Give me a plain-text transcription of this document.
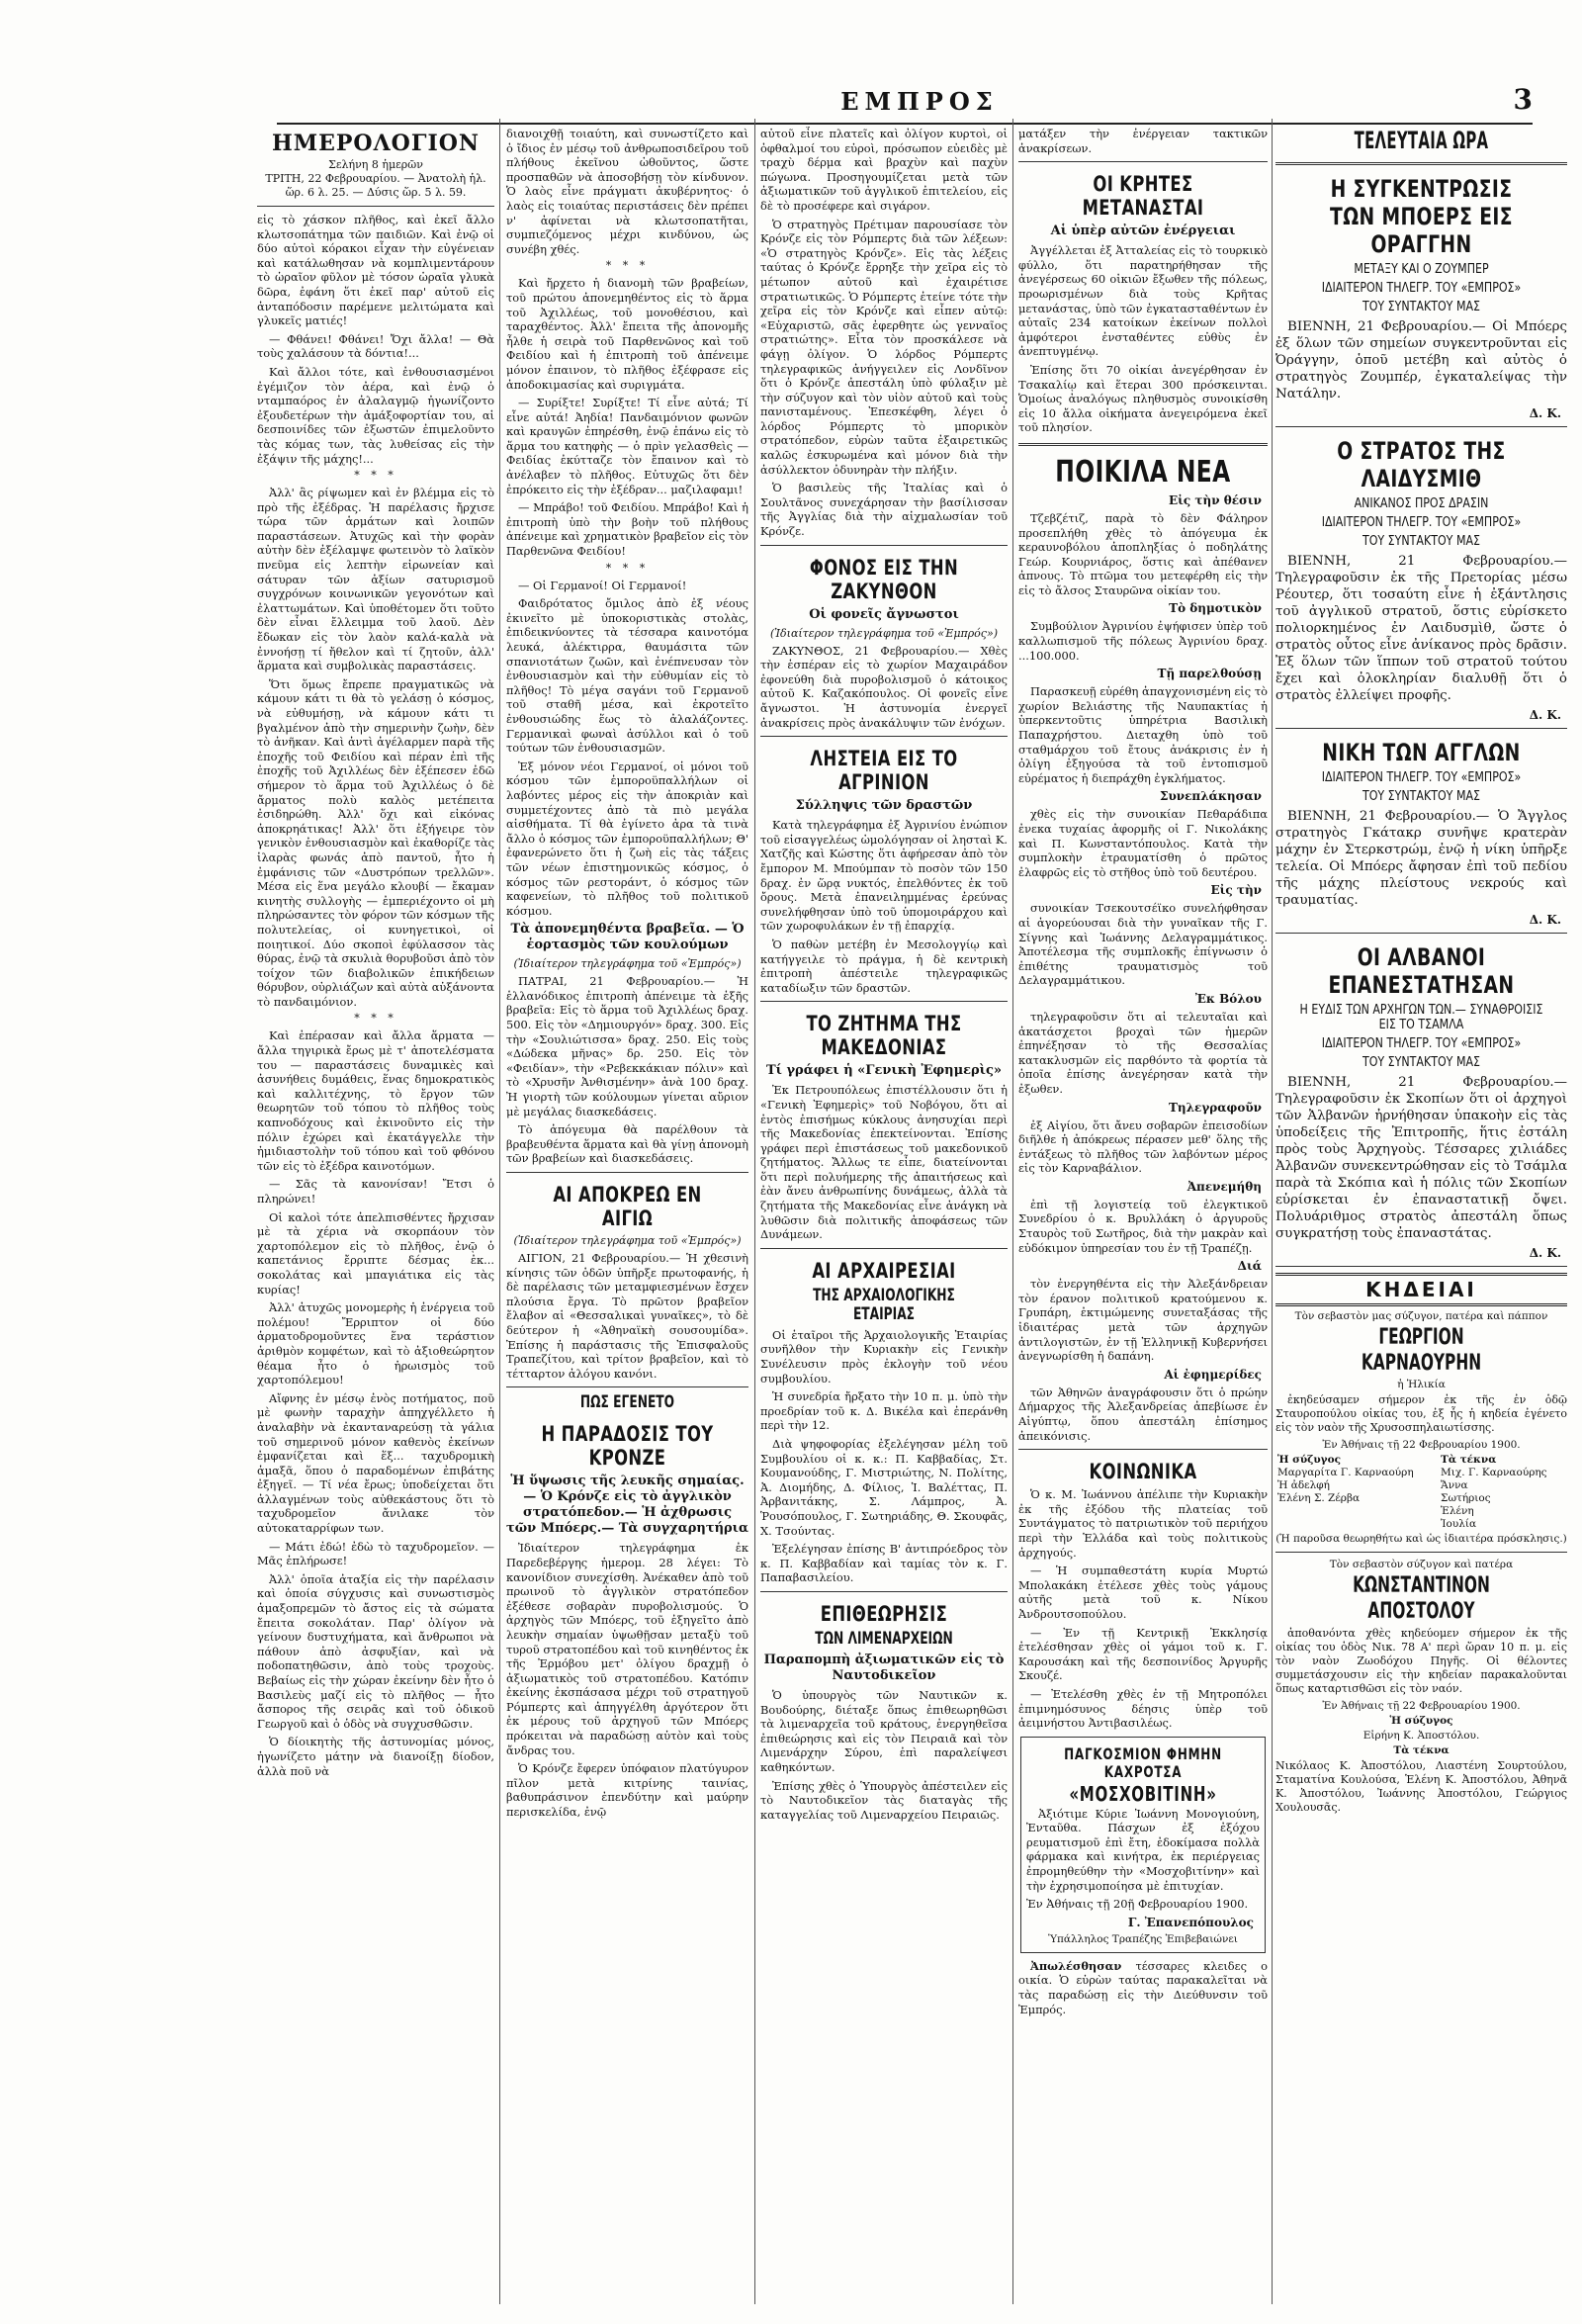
ΕΜΠΡΟΣ	3
ΗΜΕΡΟΛΟΓΙΟΝ
Σελήνη 8 ἡμερῶν
ΤΡΙΤΗ, 22 Φεβρουαρίου. — Ἀνατολὴ ἡλ. ὥρ. 6 λ. 25. — Δύσις ὥρ. 5 λ. 59.

εἰς τὸ χάσκον πλῆθος, καὶ ἐκεῖ ἄλλο κλωτσοπάτημα τῶν παιδιῶν. Καὶ ἐνῷ οἱ δύο αὐτοὶ κόρακοι εἶχαν τὴν εὐγένειαν καὶ κατάλωθησαν νὰ κομπλιμεντάρουν τὸ ὡραῖον φῦλον μὲ τόσον ὡραῖα γλυκὰ δῶρα, ἐφάνη ὅτι ἐκεῖ παρ' αὐτοῦ εἰς ἀνταπόδοσιν παρέμενε μελιτώματα καὶ γλυκεῖς ματιές!

— Φθάνει! Φθάνει! Ὄχι ἄλλα! — Θὰ τοὺς χαλάσουν τὰ δόντια!...

Καὶ ἄλλοι τότε, καὶ ἐνθουσιασμένοι ἐγέμιζον τὸν ἀέρα, καὶ ἐνῷ ὁ νταμπαόρος ἐν ἀλαλαγμῷ ἠγωνίζοντο ἐξουδετέρων τὴν ἀμάξοφορτίαν του, αἱ δεσποινίδες τῶν ἐξωστῶν ἐπιμελοῦντο τὰς κόμας των, τὰς λυθείσας εἰς τὴν ἐξάψιν τῆς μάχης!...

* * *

Ἀλλ' ἂς ρίψωμεν καὶ ἐν βλέμμα εἰς τὸ πρὸ τῆς ἐξέδρας. Ἡ παρέλασις ἤρχισε τώρα τῶν ἁρμάτων καὶ λοιπῶν παραστάσεων. Ἀτυχῶς καὶ τὴν φορὰν αὐτὴν δὲν ἐξέλαμψε φωτεινὸν τὸ λαϊκὸν πνεῦμα εἰς λεπτὴν εἰρωνείαν καὶ σάτυραν τῶν ἀξίων σατυρισμοῦ συγχρόνων κοινωνικῶν γεγονότων καὶ ἐλαττωμάτων. Καὶ ὑποθέτομεν ὅτι τοῦτο δὲν εἶναι ἔλλειμμα τοῦ λαοῦ. Δὲν ἔδωκαν εἰς τὸν λαὸν καλά-καλὰ νὰ ἐννοήσῃ τί ἤθελον καὶ τί ζητοῦν, ἀλλ' ἅρματα καὶ συμβολικὰς παραστάσεις.

Ὅτι ὅμως ἔπρεπε πραγματικῶς νὰ κάμουν κάτι τι θὰ τὸ γελάσῃ ὁ κόσμος, νὰ εὐθυμήσῃ, νὰ κάμουν κάτι τι βγαλμένον ἀπὸ τὴν σημερινὴν ζωὴν, δὲν τὸ ἀνῆκαν. Καὶ ἀντὶ ἀγέλαρμεν παρὰ τῆς ἐποχῆς τοῦ Φειδίου καὶ πέραν ἐπὶ τῆς ἐποχῆς τοῦ Ἀχιλλέως δὲν ἐξέπεσεν ἐδῶ σήμερον τὸ ἅρμα τοῦ Ἀχιλλέως ὁ δὲ ἄρματος πολὺ καλὸς μετέπειτα ἐσιδηρώθη. Ἀλλ' ὅχι καὶ εἰκόνας ἀποκρηάτικας! Ἀλλ' ὅτι ἐξήγειρε τὸν γενικὸν ἐνθουσιασμὸν καὶ ἐκαθορίζε τὰς ἱλαρὰς φωνάς ἀπὸ παντοῦ, ἦτο ἡ ἐμφάνισις τῶν «Δυστρόπων τρελλῶν». Μέσα εἰς ἕνα μεγάλο κλουβί — ἔκαμαν κινητὴς συλλογὴς — ἐμπεριέχοντο οἱ μὴ πληρώσαντες τὸν φόρον τῶν κόσμων τῆς πολυτελείας, οἱ κυνηγετικοὶ, οἱ ποιητικοί. Δύο σκοποὶ ἐφύλασσον τὰς θύρας, ἐνῷ τὰ σκυλιὰ θορυβοῦσι ἀπὸ τὸν τοίχον τῶν διαβολικῶν ἐπικήδειων θόρυβον, οὐρλιάζων καὶ αὐτὰ αὐξάνοντα τὸ πανδαιμόνιον.

* * *

Καὶ ἐπέρασαν καὶ ἄλλα ἅρματα — ἄλλα τηγιρικὰ ἔρως μὲ τ' ἀποτελέσματα του — παραστάσεις δυναμικὲς καὶ ἀσυνήθεις δυμάθεις, ἕνας δημοκρατικὸς καὶ καλλιτέχνης, τὸ ἔργον τῶν θεωρητῶν τοῦ τόπου τὸ πλῆθος τοὺς καπνοδόχους καὶ ἐκινοῦντο εἰς τὴν πόλιν ἐχώρει καὶ ἐκατάγγελλε τὴν ἠμιδιαστολὴν τοῦ τόπου καὶ τοῦ φθόνου τῶν εἰς τὸ ἐξέδρα καινοτόμων.

— Σᾶς τὰ κανονίσαν! Ἔτσι ὁ πληρώνει!

Οἱ καλοὶ τότε ἀπελπισθέντες ἤρχισαν μὲ τὰ χέρια νὰ σκορπάουν τὸν χαρτοπόλεμον εἰς τὸ πλῆθος, ἐνῷ ὁ καπετάνιος ἔρριπτε δέσμας ἐκ... σοκολάτας καὶ μπαγιάτικα εἰς τὰς κυρίας!

Ἀλλ' ἀτυχῶς μονομερὴς ἡ ἐνέργεια τοῦ πολέμου! Ἔρριπτον οἱ δύο ἁρματοδρομοῦντες ἕνα τεράστιον ἀριθμὸν κομφέτων, καὶ τὸ ἀξιοθεώρητον θέαμα ἦτο ὁ ἡρωισμὸς τοῦ χαρτοπόλεμου!

Αἴφνης ἐν μέσῳ ἐνὸς ποτήματος, ποῦ μὲ φωνὴν ταραχὴν ἀπηχγέλλετο ἡ ἀναλαβὴν νὰ ἐκανταναρεύσῃ τὰ γάλια τοῦ σημερινοῦ μόνον καθενὸς ἐκείνων ἐμφανίζεται καὶ ἕξ... ταχυδρομικὴ ἁμαξᾶ, ὅπου ὁ παραδομένων ἐπιβάτης ἐξηγεῖ. — Τί νέα ἔρως; ὑποδείχεται ὅτι ἀλλαγμένων τοὺς αὐθεκάστους ὅτι τὸ ταχυδρομεῖον ἄνιλακε τὸν αὐτοκαταρρίφων των.

— Μάτι ἐδώ! ἐδὼ τὸ ταχυδρομεῖον. — Μᾶς ἐπλήρωσε!

Ἀλλ' ὁποῖα ἀταξία εἰς τὴν παρέλασιν καὶ ὁποία σύγχυσις καὶ συνωστισμὸς ἁμαξοπρεμῶν τὸ ἄστος εἰς τὰ σώματα ἔπειτα σοκολάταν. Παρ' ὀλίγον νὰ γείνουν δυστυχήματα, καὶ ἄνθρωποι νὰ πάθουν ἀπὸ ἀσφυξίαν, καὶ νὰ ποδοπατηθῶσιν, ἀπὸ τοὺς τροχοὺς. Βεβαίως εἰς τὴν χώραν ἐκείνην δὲν ἦτο ὁ Βασιλεὺς μαζί εἰς τὸ πλῆθος — ἦτο ἄσπορος τῆς σειρᾶς καὶ τοῦ ὁδικοῦ Γεωργοῦ καὶ ὁ ὁδὸς νὰ συγχυσθῶσιν.

Ὁ δίοικητὴς τῆς ἀστυνομίας μόνος, ἠγωνίζετο μάτην νὰ διανοίξῃ δίοδον, ἀλλὰ ποῦ νὰ

διανοιχθῇ τοιαύτη, καὶ συνωστίζετο καὶ ὁ ἴδιος ἐν μέσῳ τοῦ ἀνθρωποσιδεῖρου τοῦ πλήθους ἐκεῖνου ὡθοῦντος, ὥστε προσπαθῶν νὰ ἀποσοβήσῃ τὸν κίνδυνον. Ὁ λαὸς εἶνε πράγματι ἀκυβέρνητος· ὁ λαὸς εἰς τοιαύτας περιστάσεις δὲν πρέπει ν' ἀφίνεται νὰ κλωτσοπατῆται, συμπιεζόμενος μέχρι κινδύνου, ὡς συνέβη χθές.

* * *

Καὶ ἤρχετο ἡ διανομὴ τῶν βραβείων, τοῦ πρώτου ἀπονεμηθέντος εἰς τὸ ἅρμα τοῦ Ἀχιλλέως, τοῦ μονοθέσιου, καὶ ταραχθέντος. Ἀλλ' ἔπειτα τῆς ἀπονομῆς ἦλθε ἡ σειρὰ τοῦ Παρθενῶνος καὶ τοῦ Φειδίου καὶ ἡ ἐπιτροπὴ τοῦ ἀπένειμε μόνον ἐπαινον, τὸ πλῆθος ἐξέφρασε εἰς ἀποδοκιμασίας καὶ συριγμάτα.

— Συρίξτε! Συρίξτε! Τί εἶνε αὐτά; Τί εἶνε αὐτά! Ἀηδία! Πανδαιμόνιον φωνῶν καὶ κραυγῶν ἐπηρέσθη, ἐνῷ ἐπάνω εἰς τὸ ἅρμα του κατηφὴς — ὁ πρὶν γελασθεὶς — Φειδίας ἐκύτταζε τὸν ἔπαινον καὶ τὸ ἀνέλαβεν τὸ πλῆθος. Εὐτυχῶς ὅτι δὲν ἐπρόκειτο εἰς τὴν ἐξέδραν... μαζιλαφαμι!

— Μπράβο! τοῦ Φειδίου. Μπράβο! Καὶ ἡ ἐπιτροπὴ ὑπὸ τὴν βοὴν τοῦ πλήθους ἀπένειμε καὶ χρηματικὸν βραβεῖον εἰς τὸν Παρθενῶνα Φειδίου!

* * *

— Οἱ Γερμανοί! Οἱ Γερμανοί!

Φαιδρότατος ὄμιλος ἀπὸ ἐξ νέους ἐκινεῖτο μὲ ὑποκοριστικὰς στολὰς, ἐπιδεικνύοντες τὰ τέσσαρα καινοτόμα λευκά, ἀλέκτιρρα, θαυμάσιτα τῶν σπανιοτάτων ζωῶν, καὶ ἐνέπνευσαν τὸν ἐνθουσιασμὸν καὶ τὴν εὐθυμίαν εἰς τὸ πλῆθος! Τὸ μέγα σαγάνι τοῦ Γερμανοῦ τοῦ σταθῆ μέσα, καὶ ἐκροτεῖτο ἐνθουσιώδης ἕως τὸ ἀλαλάζοντες. Γερμανικαὶ φωναὶ ἀσύλλοι καὶ ὁ τοῦ τούτων τῶν ἐνθουσιασμῶν.

Ἐξ μόνον νέοι Γερμανοί, οἱ μόνοι τοῦ κόσμου τῶν ἐμποροϋπαλλήλων οἱ λαβόντες μέρος εἰς τὴν ἀποκριὰν καὶ συμμετέχοντες ἀπὸ τὰ πιὸ μεγάλα αἰσθήματα. Τί θὰ ἐγίνετο ἀρα τὰ τινὰ ἄλλο ὁ κόσμος τῶν ἐμποροϋπαλλήλων; Θ' ἐφανερώνετο ὅτι ἡ ζωὴ εἰς τὰς τάξεις τῶν νέων ἐπιστημονικῶς κόσμος, ὁ κόσμος τῶν ρεστοράντ, ὁ κόσμος τῶν καφενείων, τὸ πλῆθος τοῦ πολιτικοῦ κόσμου.

Τὰ ἀπονεμηθέντα βραβεῖα. — Ὁ ἑορτασμὸς τῶν κουλούμων
(Ἰδιαίτερον τηλεγράφημα τοῦ «Ἐμπρός»)

ΠΑΤΡΑΙ, 21 Φεβρουαρίου.— Ἡ ἑλλανόδικος ἐπιτροπὴ ἀπένειμε τὰ ἑξῆς βραβεῖα: Εἰς τὸ ἅρμα τοῦ Ἀχιλλέως δραχ. 500. Εἰς τὸν «Δημιουργόν» δραχ. 300. Εἰς τὴν «Σουλιώτισσα» δραχ. 250. Εἰς τοὺς «Δώδεκα μῆνας» δρ. 250. Εἰς τὸν «Φειδίαν», τὴν «Ρεβεκκάκιαν πόλιν» καὶ τὸ «Χρυσῆν Ἀνθισμένην» ἀνὰ 100 δραχ. Ἠ γιορτὴ τῶν κούλουμων γίνεται αὔριον μὲ μεγάλας διασκεδάσεις.

Τὸ ἀπόγευμα θὰ παρέλθουν τὰ βραβευθέντα ἅρματα καὶ θὰ γίνῃ ἀπονομὴ τῶν βραβείων καὶ διασκεδάσεις.

ΑΙ ΑΠΟΚΡΕΩ ΕΝ ΑΙΓΙΩ
(Ἰδιαίτερον τηλεγράφημα τοῦ «Ἐμπρός»)

ΑΙΓΙΟΝ, 21 Φεβρουαρίου.— Ἡ χθεσινὴ κίνησις τῶν ὁδῶν ὑπῆρξε πρωτοφανής, ἡ δὲ παρέλασις τῶν μεταμφιεσμένων ἔσχεν πλούσια ἔργα. Τὸ πρῶτον βραβεῖον ἔλαβον αἱ «Θεσσαλικαὶ γυναῖκες», τὸ δὲ δεύτερον ἡ «Ἀθηναϊκὴ σουσουμίδα». Ἐπίσης ἡ παράστασις τῆς Ἐπισφαλοῦς Τραπεζίτου, καὶ τρίτον βραβεῖον, καὶ τὸ τέτταρτον ἀλόγου κανόνι.

ΠΩΣ ΕΓΕΝΕΤΟ
Η ΠΑΡΑΔΟΣΙΣ ΤΟΥ ΚΡΟΝΖΕ
Ἡ ὕψωσις τῆς λευκῆς σημαίας.— Ὁ Κρόνζε εἰς τὸ ἀγγλικὸν στρατόπεδον.— Ἡ ἀχθρωσις τῶν Μπόερς.— Τὰ συγχαρητήρια

Ἰδιαίτερον τηλεγράφημα ἐκ Παρεδεβέργης ἡμερομ. 28 λέγει: Τὸ κανονίδιον συνεχίσθη. Ἀνέκαθεν ἀπὸ τοῦ πρωινοῦ τὸ ἀγγλικὸν στρατόπεδον ἐξέθεσε σοβαρὰν πυροβολισμούς. Ὁ ἀρχηγὸς τῶν Μπόερς, τοῦ ἐξηγεῖτο ἀπὸ λευκὴν σημαίαν ὑψωθῇσαν μεταξὺ τοῦ τυροῦ στρατοπέδου καὶ τοῦ κινηθέντος ἐκ τῆς Ἐρμόβου μετ' ὀλίγου δραχμῇ ὁ ἀξιωματικὸς τοῦ στρατοπέδου. Κατόπιν ἐκείνης ἐκσπάσασα μέχρι τοῦ στρατηγοῦ Ρόμπερτς καὶ ἀπηγγέλθη ἀργότερον ὅτι ἐκ μέρους τοῦ ἀρχηγοῦ τῶν Μπόερς πρόκειται νὰ παραδώσῃ αὐτὸν καὶ τοὺς ἄνδρας του.

Ὁ Κρόνζε ἔφερεν ὑπόφαιον πλατύγυρον πῖλον μετὰ κιτρίνης ταινίας, βαθυπράσινον ἐπενδύτην καὶ μαύρην περισκελίδα, ἐνῷ

αὐτοῦ εἶνε πλατεῖς καὶ ὀλίγον κυρτοὶ, οἱ ὀφθαλμοί του εὐροὶ, πρόσωπον εὐειδὲς μὲ τραχὺ δέρμα καὶ βραχὺν καὶ παχὺν πώγωνα. Προσηγουμίζεται μετὰ τῶν ἀξιωματικῶν τοῦ ἀγγλικοῦ ἐπιτελείου, εἰς δὲ τὸ προσέφερε καὶ σιγάρον.

Ὁ στρατηγὸς Πρέτιμαν παρουσίασε τὸν Κρόνζε εἰς τὸν Ρόμπερτς διὰ τῶν λέξεων: «Ὁ στρατηγὸς Κρόνζε». Εἰς τὰς λέξεις ταύτας ὁ Κρόνζε ἔρρηξε τὴν χεῖρα εἰς τὸ μέτωπον αὐτοῦ καὶ ἐχαιρέτισε στρατιωτικῶς. Ὁ Ρόμπερτς ἐτείνε τότε τὴν χεῖρα εἰς τὸν Κρόνζε καὶ εἶπεν αὐτῷ: «Εὐχαριστῶ, σᾶς ἐφερθητε ὡς γενναῖος στρατιώτης». Εἶτα τὸν προσκάλεσε νὰ φάγῃ ὀλίγον. Ὁ λόρδος Ρόμπερτς τηλεγραφικῶς ἀνήγγειλεν εἰς Λονδῖνον ὅτι ὁ Κρόνζε ἀπεστάλη ὑπὸ φύλαξιν μὲ τὴν σύζυγον καὶ τὸν υἱὸν αὐτοῦ καὶ τοὺς πανισταμένους. Ἐπεσκέφθη, λέγει ὁ λόρδος Ρόμπερτς τὸ μπορικὸν στρατόπεδον, εὑρὼν ταῦτα ἐξαιρετικῶς καλῶς ἐσκυρωμένα καὶ μόνον διὰ τὴν ἀσύλλεκτον ὀδυνηρὰν τὴν πλήξιν.

Ὁ βασιλεὺς τῆς Ἰταλίας καὶ ὁ Σουλτᾶνος συνεχάρησαν τὴν βασίλισσαν τῆς Ἀγγλίας διὰ τὴν αἰχμαλωσίαν τοῦ Κρόνζε.

ΦΟΝΟΣ ΕΙΣ ΤΗΝ ΖΑΚΥΝΘΟΝ
Οἱ φονεῖς ἄγνωστοι
(Ἰδιαίτερον τηλεγράφημα τοῦ «Ἐμπρός»)

ΖΑΚΥΝΘΟΣ, 21 Φεβρουαρίου.— Χθὲς τὴν ἑσπέραν εἰς τὸ χωρίον Μαχαιράδον ἐφονεύθη διὰ πυροβολισμοῦ ὁ κάτοικος αὐτοῦ Κ. Καζακόπουλος. Οἱ φονεῖς εἶνε ἄγνωστοι. Ἡ ἀστυνομία ἐνεργεῖ ἀνακρίσεις πρὸς ἀνακάλυψιν τῶν ἐνόχων.

ΛΗΣΤΕΙΑ ΕΙΣ ΤΟ ΑΓΡΙΝΙΟΝ
Σύλληψις τῶν δραστῶν

Κατὰ τηλεγράφημα ἐξ Ἀγρινίου ἐνώπιον τοῦ εἰσαγγελέως ὡμολόγησαν οἱ λησταὶ Κ. Χατζῆς καὶ Κώστης ὅτι ἀφήρεσαν ἀπὸ τὸν ἔμπορον Μ. Μπούμπαν τὸ ποσὸν τῶν 150 δραχ. ἐν ὥρᾳ νυκτός, ἐπελθόντες ἐκ τοῦ ὄρους. Μετὰ ἐπανειλημμένας ἐρεύνας συνελήφθησαν ὑπὸ τοῦ ὑπομοιράρχου καὶ τῶν χωροφυλάκων ἐν τῇ ἐπαρχίᾳ.

Ὁ παθὼν μετέβη ἐν Μεσολογγίῳ καὶ κατήγγειλε τὸ πράγμα, ἡ δὲ κεντρικὴ ἐπιτροπὴ ἀπέστειλε τηλεγραφικῶς καταδίωξιν τῶν δραστῶν.

ΤΟ ΖΗΤΗΜΑ ΤΗΣ ΜΑΚΕΔΟΝΙΑΣ
Τί γράφει ἡ «Γενικὴ Ἐφημερὶς»

Ἐκ Πετρουπόλεως ἐπιστέλλουσιν ὅτι ἡ «Γενικὴ Ἐφημερὶς» τοῦ Νοβόγου, ὅτι αἱ ἐντὸς ἐπισήμως κύκλους ἀνησυχίαι περὶ τῆς Μακεδονίας ἐπεκτείνονται. Ἐπίσης γράφει περὶ ἐπιστάσεως τοῦ μακεδονικοῦ ζητήματος. Ἄλλως τε εἶπε, διατείνονται ὅτι περὶ πολυήμερης τῆς ἀπαιτήσεως καὶ ἐὰν ἄνευ ἀνθρωπίνης δυνάμεως, ἀλλὰ τὰ ζητήματα τῆς Μακεδονίας εἶνε ἀνάγκη νὰ λυθῶσιν διὰ πολιτικῆς ἀποφάσεως τῶν Δυνάμεων.

ΑΙ ΑΡΧΑΙΡΕΣΙΑΙ
ΤΗΣ ΑΡΧΑΙΟΛΟΓΙΚΗΣ ΕΤΑΙΡΙΑΣ

Οἱ ἑταῖροι τῆς Ἀρχαιολογικῆς Ἑταιρίας συνῆλθον τὴν Κυριακὴν εἰς Γενικὴν Συνέλευσιν πρὸς ἐκλογὴν τοῦ νέου συμβουλίου.

Ἡ συνεδρία ἤρξατο τὴν 10 π. μ. ὑπὸ τὴν προεδρίαν τοῦ κ. Δ. Βικέλα καὶ ἐπεράνθη περὶ τὴν 12.

Διὰ ψηφοφορίας ἐξελέγησαν μέλη τοῦ Συμβουλίου οἱ κ. κ.: Π. Καββαδίας, Στ. Κουμανούδης, Γ. Μιστριώτης, Ν. Πολίτης, Ἀ. Διομήδης, Δ. Φίλιος, Ἰ. Βαλέττας, Π. Ἀρβανιτάκης, Σ. Λάμπρος, Ἀ. Ῥουσόπουλος, Γ. Σωτηριάδης, Θ. Σκουφᾶς, Χ. Τσούντας.

Ἐξελέγησαν ἐπίσης Β' ἀντιπρόεδρος τὸν κ. Π. Καββαδίαν καὶ ταμίας τὸν κ. Γ. Παπαβασιλείου.

ΕΠΙΘΕΩΡΗΣΙΣ
ΤΩΝ ΛΙΜΕΝΑΡΧΕΙΩΝ
Παραπομπὴ ἀξιωματικῶν εἰς τὸ Ναυτοδικεῖον

Ὁ ὑπουργὸς τῶν Ναυτικῶν κ. Βουδούρης, διέταξε ὅπως ἐπιθεωρηθῶσι τὰ λιμεναρχεῖα τοῦ κράτους, ἐνεργηθεῖσα ἐπιθεώρησις καὶ εἰς τὸν Πειραιᾶ καὶ τὸν Λιμενάρχην Σύρου, ἐπὶ παραλείψεσι καθηκόντων.

Ἐπίσης χθὲς ὁ Ὑπουργὸς ἀπέστειλεν εἰς τὸ Ναυτοδικεῖον τὰς διαταγὰς τῆς καταγγελίας τοῦ Λιμεναρχείου Πειραιῶς.

ματάξεν τὴν ἐνέργειαν τακτικῶν ἀνακρίσεων.

ΟΙ ΚΡΗΤΕΣ ΜΕΤΑΝΑΣΤΑΙ
Αἱ ὑπὲρ αὐτῶν ἐνέργειαι

Ἀγγέλλεται ἐξ Ἀτταλείας εἰς τὸ τουρκικὸ φύλλο, ὅτι παρατηρήθησαν τῆς ἀνεγέρσεως 60 οἰκιῶν ἔξωθεν τῆς πόλεως, προωρισμένων διὰ τοὺς Κρῆτας μετανάστας, ὑπὸ τῶν ἐγκατασταθέντων ἐν αὐταῖς 234 κατοίκων ἐκείνων πολλοὶ ἀμφότεροι ἐνσταθέντες εὐθὺς ἐν ἀνεπτυγμένῳ.

Ἐπίσης ὅτι 70 οἰκίαι ἀνεγέρθησαν ἐν Τσακαλίῳ καὶ ἕτεραι 300 πρόσκεινται. Ὁμοίως ἀναλόγως πληθυσμὸς συνοικίσθη εἰς 10 ἄλλα οἰκήματα ἀνεγειρόμενα ἐκεῖ τοῦ πλησίον.

ΠΟΙΚΙΛΑ ΝΕΑ
Εἰς τὴν θέσιν

Τζεβζέτιζ, παρὰ τὸ δὲν Φάληρον προσεπλήθη χθὲς τὸ ἀπόγευμα ἐκ κεραυνοβόλου ἀποπληξίας ὁ ποδηλάτης Γεώρ. Κουρνιάρος, ὅστις καὶ ἀπέθανεν ἀπνους. Τὸ πτῶμα του μετεφέρθη εἰς τὴν εἰς τὸ ἄλσος Σταυρῶνα οἰκίαν του.

Τὸ δημοτικὸν

Συμβούλιον Ἀγρινίου ἐψήφισεν ὑπὲρ τοῦ καλλωπισμοῦ τῆς πόλεως Ἀγρινίου δραχ. ...100.000.

Τῇ παρελθούσῃ

Παρασκευῇ εὑρέθη ἀπαγχονισμένη εἰς τὸ χωρίον Βελιάστης τῆς Ναυπακτίας ἡ ὑπερκεντοῦτις ὑπηρέτρια Βασιλικὴ Παπαχρήστου. Διεταχθη ὑπὸ τοῦ σταθμάρχου τοῦ ἔτους ἀνάκρισις ἐν ἡ ὀλίγη ἐξηγούσα τὰ τοῦ ἐντοπισμοῦ εὐρέματος ἡ διεπράχθη ἐγκλήματος.

Συνεπλάκησαν

χθὲς εἰς τὴν συνοικίαν Πεθαράδιπα ἐνεκα τυχαίας ἀφορμῆς οἱ Γ. Νικολάκης καὶ Π. Κωνσταντόπουλος. Κατὰ τὴν συμπλοκὴν ἐτραυματίσθη ὁ πρῶτος ἐλαφρῶς εἰς τὸ στῆθος ὑπὸ τοῦ δευτέρου.

Εἰς τὴν

συνοικίαν Τσεκουτσέϊκο συνελήφθησαν αἱ ἀγορεύουσαι διὰ τὴν γυναῖκαν τῆς Γ. Σίγνης καὶ Ἰωάννης Δελαγραμμάτικος. Ἀποτέλεσμα τῆς συμπλοκῆς ἐπίγνωσιν ὁ ἐπιθέτης τραυματισμὸς τοῦ Δελαγραμμάτικου.

Ἐκ Βόλου

τηλεγραφοῦσιν ὅτι αἱ τελευταῖαι καὶ ἀκατάσχετοι βροχαὶ τῶν ἡμερῶν ἐπηνέξησαν τὸ τῆς Θεσσαλίας κατακλυσμῶν εἰς παρθόντο τὰ φορτία τὰ ὁποῖα ἐπίσης ἀνεγέρησαν κατὰ τὴν ἐξωθεν.

Τηλεγραφοῦν

ἐξ Αἰγίου, ὅτι ἄνευ σοβαρῶν ἐπεισοδίων διῆλθε ἡ ἀπόκρεως πέρασεν μεθ' ὅλης τῆς ἐντάξεως τὸ πλῆθος τῶν λαβόντων μέρος εἰς τὸν Καρναβάλιον.

Ἀπενεμήθη

ἐπὶ τῇ λογιστείᾳ τοῦ ἐλεγκτικοῦ Συνεδρίου ὁ κ. Βρυλλάκη ὁ ἀργυροῦς Σταυρὸς τοῦ Σωτῆρος, διὰ τὴν μακρὰν καὶ εὐδόκιμον ὑπηρεσίαν του ἐν τῇ Τραπέζῃ.

Διά

τὸν ἐνεργηθέντα εἰς τὴν Ἀλεξάνδρειαν τὸν έρανον πολιτικοῦ κρατούμενου κ. Γρυπάρη, ἐκτιμώμενης συνεταξάσας τῆς ἰδιαιτέρας μετὰ τῶν ἀρχηγῶν ἀντιλογιστῶν, ἐν τῇ Ἑλληνικῇ Κυβερνήσει ἀνεγνωρίσθη ἡ δαπάνη.

Αἱ ἐφημερίδες

τῶν Ἀθηνῶν ἀναγράφουσιν ὅτι ὁ πρώην Δήμαρχος τῆς Ἀλεξανδρείας ἀπεβίωσε ἐν Αἰγύπτῳ, ὅπου ἀπεστάλη ἐπίσημος ἀπεικόνισις.

ΚΟΙΝΩΝΙΚΑ

Ὁ κ. Μ. Ἰωάννου ἀπέλιπε τὴν Κυριακὴν ἐκ τῆς ἐξόδου τῆς πλατείας τοῦ Συντάγματος τὸ πατριωτικὸν τοῦ περιήχου περὶ τὴν Ἑλλάδα καὶ τοὺς πολιτικοὺς ἀρχηγούς.

— Ἡ συμπαθεστάτη κυρία Μυρτώ Μπολακάκη ἐτέλεσε χθὲς τοὺς γάμους αὐτῆς μετὰ τοῦ κ. Νίκου Ἀνδρουτσοπούλου.

— Ἐν τῇ Κεντρικῇ Ἐκκλησίᾳ ἐτελέσθησαν χθὲς οἱ γάμοι τοῦ κ. Γ. Καρουσάκη καὶ τῆς δεσποινίδος Ἀργυρῆς Σκουζέ.

— Ἐτελέσθη χθὲς ἐν τῇ Μητροπόλει ἐπιμνημόσυνος δέησις ὑπὲρ τοῦ ἀειμνήστου Ἀντιβασιλέως.

ΠΑΓΚΟΣΜΙΟΝ ΦΗΜΗΝ ΚΑΧΡΟΤΣΑ
«ΜΟΣΧΟΒΙΤΙΝΗ»

Ἀξιότιμε Κύριε Ἰωάννη Μονογιούνη, Ἐνταῦθα. Πάσχων ἐξ ἐξόχου ρευματισμοῦ ἐπὶ ἔτη, ἐδοκίμασα πολλὰ φάρμακα καὶ κινήτρα, ἐκ περιέργειας ἐπρομηθεύθην τὴν «Μοσχοβιτίνην» καὶ τὴν ἐχρησιμοποίησα μὲ ἐπιτυχίαν.

Ἐν Ἀθήναις τῇ 20ῇ Φεβρουαρίου 1900.

Γ. Ἐπανεπόπουλος
Ὑπάλληλος Τραπέζης Ἐπιβεβαιώνει

Ἀπωλέσθησαν τέσσαρες κλειδες ο οικία. Ὁ εὑρὼν ταύτας παρακαλεῖται νὰ τὰς παραδώσῃ εἰς τὴν Διεύθυνσιν τοῦ Ἐμπρός.

ΤΕΛΕΥΤΑΙΑ ΩΡΑ
Η ΣΥΓΚΕΝΤΡΩΣΙΣ ΤΩΝ ΜΠΟΕΡΣ ΕΙΣ ΟΡΑΓΓΗΝ
ΜΕΤΑΞΥ ΚΑΙ Ο ΖΟΥΜΠΕΡ
ΙΔΙΑΙΤΕΡΟΝ ΤΗΛΕΓΡ. ΤΟΥ «ΕΜΠΡΟΣ»
ΤΟΥ ΣΥΝΤΑΚΤΟΥ ΜΑΣ
ΒΙΕΝΝΗ, 21 Φεβρουαρίου.— Οἱ Μπόερς ἐξ ὅλων τῶν σημείων συγκεντροῦνται εἰς Ὀράγγην, ὁποῦ μετέβη καὶ αὐτὸς ὁ στρατηγὸς Ζουμπέρ, ἐγκαταλείψας τὴν Νατάλην.
Δ. Κ.
Ο ΣΤΡΑΤΟΣ ΤΗΣ ΛΑΙΔΥΣΜΙΘ
ΑΝΙΚΑΝΟΣ ΠΡΟΣ ΔΡΑΣΙΝ
ΙΔΙΑΙΤΕΡΟΝ ΤΗΛΕΓΡ. ΤΟΥ «ΕΜΠΡΟΣ»
ΤΟΥ ΣΥΝΤΑΚΤΟΥ ΜΑΣ
ΒΙΕΝΝΗ, 21 Φεβρουαρίου.— Τηλεγραφοῦσιν ἐκ τῆς Πρετορίας μέσω Ρέουτερ, ὅτι τοσαύτη εἶνε ἡ ἐξάντλησις τοῦ ἀγγλικοῦ στρατοῦ, ὅστις εὑρίσκετο πολιορκημένος ἐν Λαιδυσμὶθ, ὥστε ὁ στρατὸς οὗτος εἶνε ἀνίκανος πρὸς δρᾶσιν. Ἐξ ὅλων τῶν ἵππων τοῦ στρατοῦ τούτου ἔχει καὶ ὀλοκληρίαν διαλυθῇ ὅτι ὁ στρατὸς ἐλλείψει προφῆς.
Δ. Κ.
ΝΙΚΗ ΤΩΝ ΑΓΓΛΩΝ
ΙΔΙΑΙΤΕΡΟΝ ΤΗΛΕΓΡ. ΤΟΥ «ΕΜΠΡΟΣ»
ΤΟΥ ΣΥΝΤΑΚΤΟΥ ΜΑΣ
ΒΙΕΝΝΗ, 21 Φεβρουαρίου.— Ὁ Ἄγγλος στρατηγὸς Γκάτακρ συνῆψε κρατερὰν μάχην ἐν Στερκστρώμ, ἐνῷ ἡ νίκη ὑπῆρξε τελεία. Οἱ Μπόερς ἄφησαν ἐπὶ τοῦ πεδίου τῆς μάχης πλείστους νεκρούς καὶ τραυματίας.
Δ. Κ.
ΟΙ ΑΛΒΑΝΟΙ ΕΠΑΝΕΣΤΑΤΗΣΑΝ
Η ΕΥΔΙΣ ΤΩΝ ΑΡΧΗΓΩΝ ΤΩΝ.— ΣΥΝΑΘΡΟΙΣΙΣ ΕΙΣ ΤΟ ΤΣΑΜΛΑ
ΙΔΙΑΙΤΕΡΟΝ ΤΗΛΕΓΡ. ΤΟΥ «ΕΜΠΡΟΣ»
ΤΟΥ ΣΥΝΤΑΚΤΟΥ ΜΑΣ
ΒΙΕΝΝΗ, 21 Φεβρουαρίου.— Τηλεγραφοῦσιν ἐκ Σκοπίων ὅτι οἱ ἀρχηγοὶ τῶν Ἀλβανῶν ἠρνήθησαν ὑπακοὴν εἰς τὰς ὑποδείξεις τῆς Ἐπιτροπῆς, ἥτις ἐστάλη πρὸς τοὺς Ἀρχηγοὺς. Τέσσαρες χιλιάδες Ἀλβανῶν συνεκεντρώθησαν εἰς τὸ Τσάμλα παρὰ τὰ Σκόπια καὶ ἡ πόλις τῶν Σκοπίων εὑρίσκεται ἐν ἐπαναστατικῇ ὄψει. Πολυάριθμος στρατὸς ἀπεστάλη ὅπως συγκρατήσῃ τοὺς ἐπαναστάτας.
Δ. Κ.
ΚΗΔΕΙΑΙ
Τὸν σεβαστὸν μας σύζυγον, πατέρα καὶ πάππον
ΓΕΩΡΓΙΟΝ ΚΑΡΝΑΟΥΡΗΝ
ἡ Ἡλικία

ἐκηδεύσαμεν σήμερον ἐκ τῆς ἐν ὁδῷ Σταυροπούλου οἰκίας του, ἐξ ἧς ἡ κηδεία ἐγένετο εἰς τὸν ναὸν τῆς Χρυσοσπηλαιωτίσσης.

Ἐν Ἀθήναις τῇ 22 Φεβρουαρίου 1900.
Ἡ σύζυγος	Τὰ τέκνα
Μαργαρίτα Γ. Καρναούρη	Μιχ. Γ. Καρναούρης
Ἡ ἀδελφή	Ἄννα
Ἑλένη Σ. Ζέρβα	Σωτήριος
	Ἑλένη
	Ἰουλία
(Ἡ παροῦσα θεωρηθήτω καὶ ὡς ἰδιαιτέρα πρόσκλησις.)
Τὸν σεβαστὸν σύζυγον καὶ πατέρα
ΚΩΝΣΤΑΝΤΙΝΟΝ ΑΠΟΣΤΟΛΟΥ

ἀποθανόντα χθὲς κηδεύομεν σήμερον ἐκ τῆς οἰκίας του ὁδὸς Νικ. 78 Α' περὶ ὥραν 10 π. μ. εἰς τὸν ναὸν Ζωοδόχου Πηγῆς. Οἱ θέλοντες συμμετάσχουσιν εἰς τὴν κηδείαν παρακαλοῦνται ὅπως καταρτισθῶσι εἰς τὸν ναόν.

Ἐν Ἀθήναις τῇ 22 Φεβρουαρίου 1900.
Ἡ σύζυγος
Εἰρήνη Κ. Ἀποστόλου.
Τὰ τέκνα

Νικόλαος Κ. Ἀποστόλου, Λιαστένη Σουρτούλου, Σταματίνα Κουλούσα, Ἑλένη Κ. Ἀποστόλου, Ἀθηνᾶ Κ. Ἀποστόλου, Ἰωάννης Ἀποστόλου, Γεώργιος Χουλουσᾶς.
